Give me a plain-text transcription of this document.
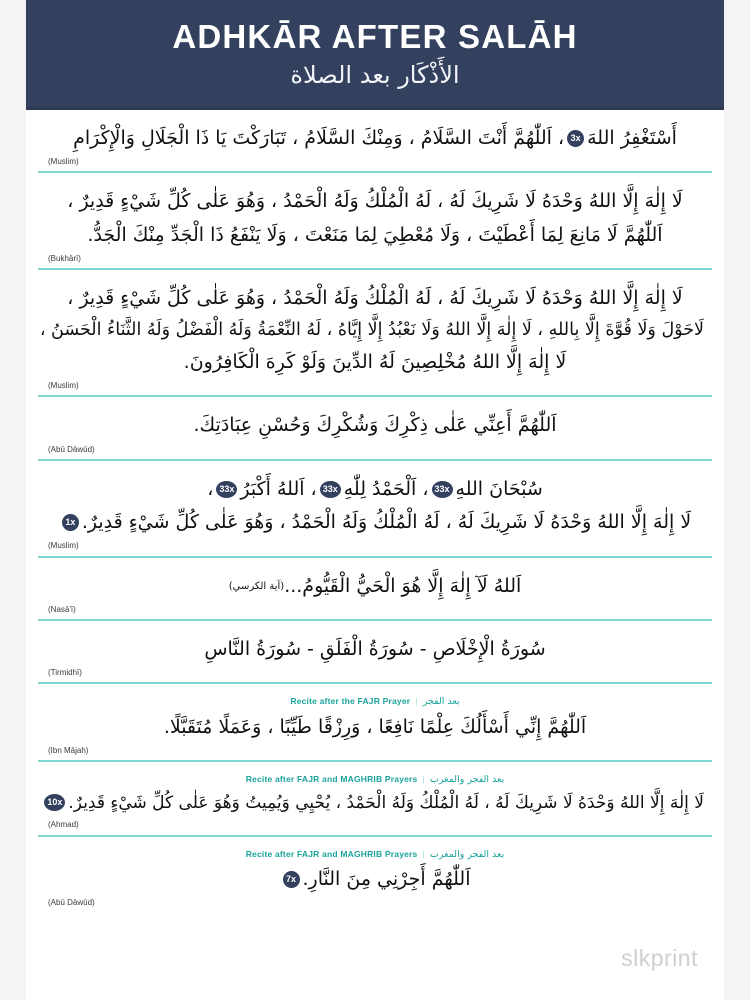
ADHKĀR AFTER SALĀH
الأَذْكَار بعد الصلاة
أَسْتَغْفِرُ اللهَ3x، اَللّٰهُمَّ أَنْتَ السَّلَامُ ، وَمِنْكَ السَّلَامُ ، تَبَارَكْتَ يَا ذَا الْجَلَالِ وَالْإِكْرَامِ
(Muslim)
لَا إِلٰهَ إِلَّا اللهُ وَحْدَهُ لَا شَرِيكَ لَهُ ، لَهُ الْمُلْكُ وَلَهُ الْحَمْدُ ، وَهُوَ عَلٰى كُلِّ شَيْءٍ قَدِيرٌ ،
اَللّٰهُمَّ لَا مَانِعَ لِمَا أَعْطَيْتَ ، وَلَا مُعْطِيَ لِمَا مَنَعْتَ ، وَلَا يَنْفَعُ ذَا الْجَدِّ مِنْكَ الْجَدُّ.
(Bukhārī)
لَا إِلٰهَ إِلَّا اللهُ وَحْدَهُ لَا شَرِيكَ لَهُ ، لَهُ الْمُلْكُ وَلَهُ الْحَمْدُ ، وَهُوَ عَلٰى كُلِّ شَيْءٍ قَدِيرٌ ،
لَاحَوْلَ وَلَا قُوَّةَ إِلَّا بِاللهِ ، لَا إِلٰهَ إِلَّا اللهُ وَلَا نَعْبُدُ إِلَّا إِيَّاهُ ، لَهُ النِّعْمَةُ وَلَهُ الْفَضْلُ وَلَهُ الثَّنَاءُ الْحَسَنُ ،
لَا إِلٰهَ إِلَّا اللهُ مُخْلِصِينَ لَهُ الدِّينَ وَلَوْ كَرِهَ الْكَافِرُونَ.
(Muslim)
اَللّٰهُمَّ أَعِنِّي عَلٰى ذِكْرِكَ وَشُكْرِكَ وَحُسْنِ عِبَادَتِكَ.
(Abū Dāwūd)
سُبْحَانَ اللهِ33x، اَلْحَمْدُ لِلّٰهِ33x، اَللهُ أَكْبَرُ33x،
لَا إِلٰهَ إِلَّا اللهُ وَحْدَهُ لَا شَرِيكَ لَهُ ، لَهُ الْمُلْكُ وَلَهُ الْحَمْدُ ، وَهُوَ عَلٰى كُلِّ شَيْءٍ قَدِيرٌ.1x
(Muslim)
اَللهُ لَآ إِلٰهَ إِلَّا هُوَ الْحَيُّ الْقَيُّومُ...(آية الكرسي)
(Nasā'ī)
سُورَةُ الْإِخْلَاصِ - سُورَةُ الْفَلَقِ - سُورَةُ النَّاسِ
(Tirmidhī)
Recite after the FAJR Prayer | بعد الفجر
اَللّٰهُمَّ إِنِّي أَسْأَلُكَ عِلْمًا نَافِعًا ، وَرِزْقًا طَيِّبًا ، وَعَمَلًا مُتَقَبَّلًا.
(Ibn Mājah)
Recite after FAJR and MAGHRIB Prayers | بعد الفجر والمغرب
لَا إِلٰهَ إِلَّا اللهُ وَحْدَهُ لَا شَرِيكَ لَهُ ، لَهُ الْمُلْكُ وَلَهُ الْحَمْدُ ، يُحْيِي وَيُمِيتُ وَهُوَ عَلٰى كُلِّ شَيْءٍ قَدِيرٌ.10x
(Ahmad)
Recite after FAJR and MAGHRIB Prayers | بعد الفجر والمغرب
اَللّٰهُمَّ أَجِرْنِي مِنَ النَّارِ.7x
(Abū Dāwūd)
slkprint
